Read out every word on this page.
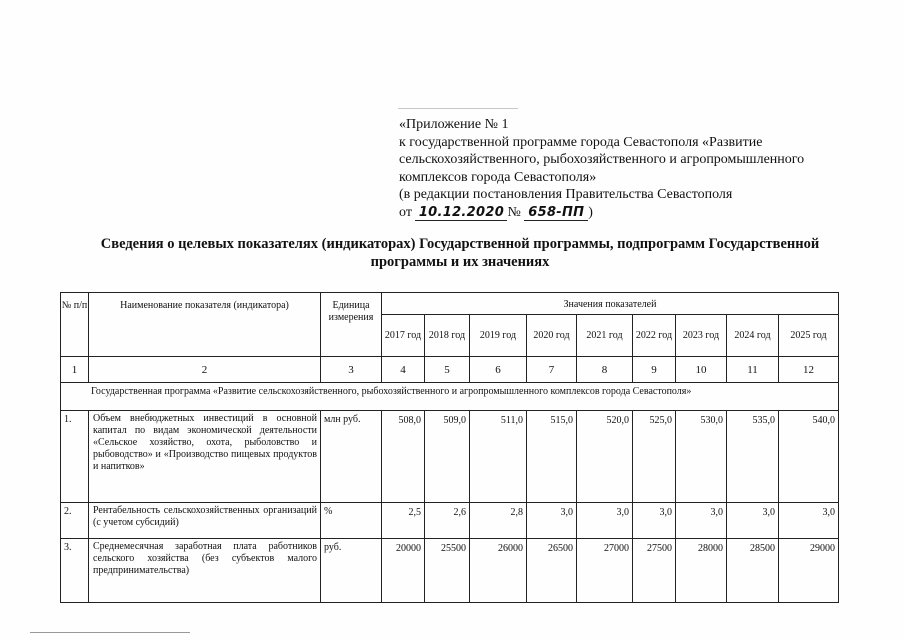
«Приложение № 1
к государственной программе города Севастополя «Развитие
сельскохозяйственного, рыбохозяйственного и агропромышленного
комплексов города Севастополя»
(в редакции постановления Правительства Севастополя
от 10.12.2020 № 658-ПП )
Сведения о целевых показателях (индикаторах) Государственной программы, подпрограмм Государственной
программы и их значениях
№ п/п	Наименование показателя (индикатора)	Единица измерения	Значения показателей								
			2017 год	2018 год	2019 год	2020 год	2021 год	2022 год	2023 год	2024 год	2025 год
1	2	3	4	5	6	7	8	9	10	11	12
Государственная программа «Развитие сельскохозяйственного, рыбохозяйственного и агропромышленного комплексов города Севастополя»											
1.	Объем внебюджетных инвестиций в основной капитал по видам экономической деятельности «Сельское хозяйство, охота, рыболовство и рыбоводство» и «Производство пищевых продуктов и напитков»	млн руб.	508,0	509,0	511,0	515,0	520,0	525,0	530,0	535,0	540,0
2.	Рентабельность сельскохозяйственных организаций (с учетом субсидий)	%	2,5	2,6	2,8	3,0	3,0	3,0	3,0	3,0	3,0
3.	Среднемесячная заработная плата работников сельского хозяйства (без субъектов малого предпринимательства)	руб.	20000	25500	26000	26500	27000	27500	28000	28500	29000
